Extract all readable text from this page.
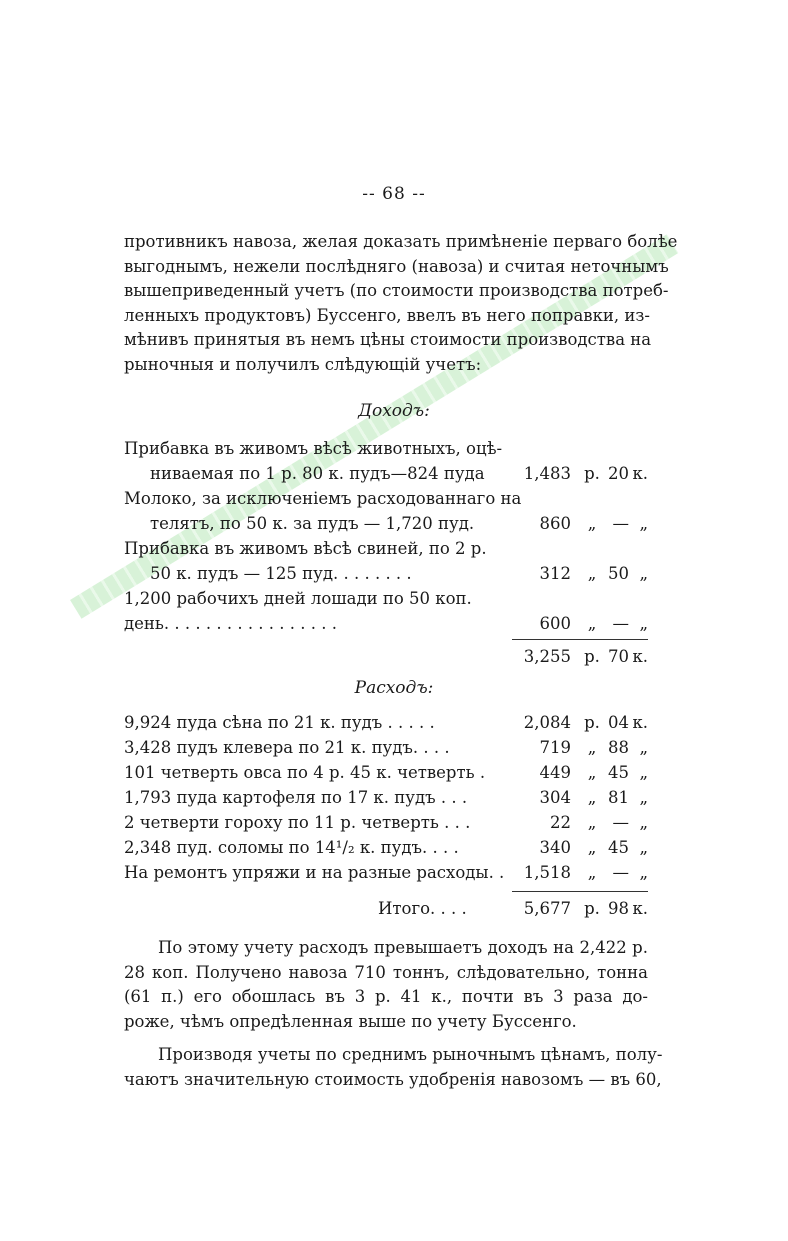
-- 68 --
противникъ навоза, желая доказать примѣненіе перваго болѣе
выгоднымъ, нежели послѣдняго (навоза) и считая неточнымъ
вышеприведенный учетъ (по стоимости производства потреб-
ленныхъ продуктовъ) Буссенго, ввелъ въ него поправки, из-
мѣнивъ принятыя въ немъ цѣны стоимости производства на
рыночныя и получилъ слѣдующій учетъ:
Доходъ:
Прибавка въ живомъ вѣсѣ животныхъ, оцѣ-
ниваемая по 1 р. 80 к. пудъ—824 пуда 1,483 р. 20 к.
Молоко, за исключеніемъ расходованнаго на
телятъ, по 50 к. за пудъ — 1,720 пуд.	860	„ — „
Прибавка въ живомъ вѣсѣ свиней, по 2 р.
50 к. пудъ — 125 пуд. . . . . . . .	312	„ 50 „
1,200 рабочихъ дней лошади по 50 коп.
день. . . . . . . . . . . . . . . . .	600	„ — „
3,255 р. 70 к.
Расходъ:
9,924 пуда сѣна по 21 к. пудъ . . . . .	2,084 р. 04 к.
3,428 пудъ клевера по 21 к. пудъ. . . .	719	„ 88 „
101 четверть овса по 4 р. 45 к. четверть .	449	„ 45 „
1,793 пуда картофеля по 17 к. пудъ . . .	304	„ 81 „
2 четверти гороху по 11 р. четверть . . .	22	„ — „
2,348 пуд. соломы по 14¹/₂ к. пудъ. . . .	340	„ 45 „
На ремонтъ упряжи и на разные расходы. . 1,518	„ — „
Итого. . . .	5,677 р. 98 к.
По этому учету расходъ превышаетъ доходъ на 2,422 р.
28 коп. Получено навоза 710 тоннъ, слѣдовательно, тонна
(61 п.) его обошлась въ 3 р. 41 к., почти въ 3 раза до-
роже, чѣмъ опредѣленная выше по учету Буссенго.
Производя учеты по среднимъ рыночнымъ цѣнамъ, полу-
чаютъ значительную стоимость удобренія навозомъ — въ 60,
